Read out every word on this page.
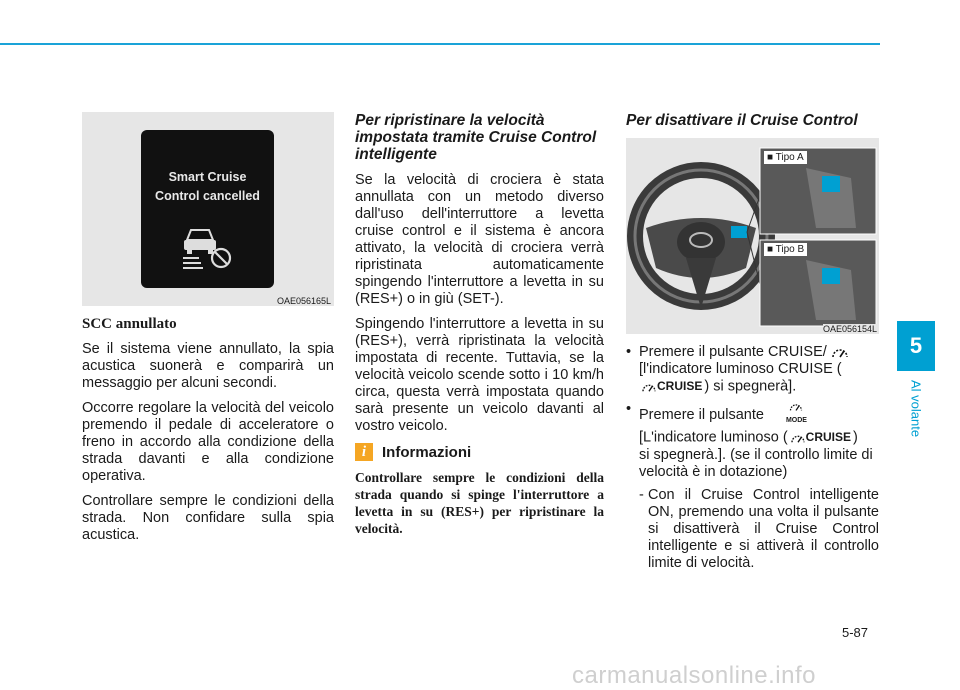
Smart Cruise
Control cancelled
OAE056165L
SCC annullato

Se il sistema viene annullato, la spia acustica suonerà e comparirà un messaggio per alcuni secondi.

Occorre regolare la velocità del veicolo premendo il pedale di acceleratore o freno in accordo alla condizione della strada davanti e alla condizione operativa.

Controllare sempre le condizioni della strada. Non confidare sulla spia acustica.

Per ripristinare la velocità impostata tramite Cruise Control intelligente

Se la velocità di crociera è stata annullata con un metodo diverso dall'uso dell'interruttore a levetta cruise control e il sistema è ancora attivato, la velocità di crociera verrà ripristinata automaticamente spingendo l'interruttore a levetta in su (RES+) o in giù (SET-).

Spingendo l'interruttore a levetta in su (RES+), verrà ripristinata la velocità impostata di recente. Tuttavia, se la velocità veicolo scende sotto i 10 km/h circa, questa verrà impostata quando sarà presente un veicolo davanti al vostro veicolo.

i	Informazioni
Controllare sempre le condizioni della strada quando si spinge l'interruttore a levetta in su (RES+) per ripristinare la velocità.
Per disattivare il Cruise Control
■ Tipo A
■ Tipo B
OAE056154L
• Premere il pulsante CRUISE/
[l'indicatore luminoso CRUISE (
CRUISE ) si spegnerà].
• Premere il pulsante	MODE

[L'indicatore luminoso ( CRUISE )
si spegnerà.]. (se il controllo limite di velocità è in dotazione)
- Con il Cruise Control intelligente ON, premendo una volta il pulsante si disattiverà il Cruise Control intelligente e si attiverà il controllo limite di velocità.
5
Al volante
5-87
carmanualsonline.info
